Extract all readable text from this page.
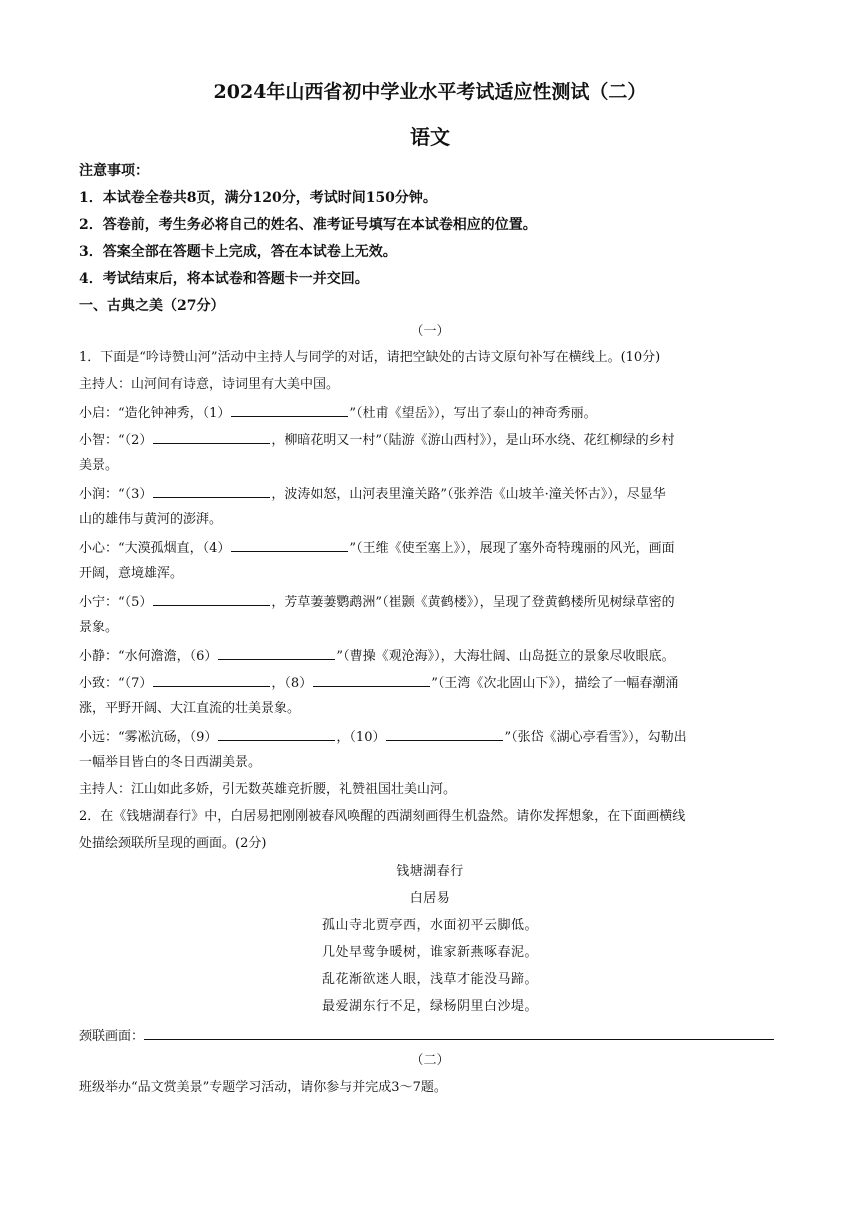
2024年山西省初中学业水平考试适应性测试（二）
语文
注意事项：
1．本试卷全卷共8页，满分120分，考试时间150分钟。
2．答卷前，考生务必将自己的姓名、准考证号填写在本试卷相应的位置。
3．答案全部在答题卡上完成，答在本试卷上无效。
4．考试结束后，将本试卷和答题卡一并交回。
一、古典之美（27分）
（一）
1．下面是“吟诗赞山河”活动中主持人与同学的对话，请把空缺处的古诗文原句补写在横线上。(10分)
主持人：山河间有诗意，诗词里有大美中国。
小启：“造化钟神秀，（1）	”（杜甫《望岳》），写出了泰山的神奇秀丽。
小智：“（2）	，柳暗花明又一村”（陆游《游山西村》），是山环水绕、花红柳绿的乡村
美景。
小润：“（3）	，波涛如怒，山河表里潼关路”（张养浩《山坡羊·潼关怀古》），尽显华
山的雄伟与黄河的澎湃。
小心：“大漠孤烟直，（4）	”（王维《使至塞上》），展现了塞外奇特瑰丽的风光，画面
开阔，意境雄浑。
小宁：“（5）	，芳草萋萋鹦鹉洲”（崔颢《黄鹤楼》），呈现了登黄鹤楼所见树绿草密的
景象。
小静：“水何澹澹，（6）	”（曹操《观沧海》），大海壮阔、山岛挺立的景象尽收眼底。
小致：“（7）	，（8）	”（王湾《次北固山下》），描绘了一幅春潮涌
涨，平野开阔、大江直流的壮美景象。
小远：“雾凇沆砀，（9）	，（10）	”（张岱《湖心亭看雪》），勾勒出
一幅举目皆白的冬日西湖美景。
主持人：江山如此多娇，引无数英雄竞折腰，礼赞祖国壮美山河。
2．在《钱塘湖春行》中，白居易把刚刚被春风唤醒的西湖刻画得生机盎然。请你发挥想象，在下面画横线
处描绘颈联所呈现的画面。(2分)
钱塘湖春行
白居易
孤山寺北贾亭西，水面初平云脚低。
几处早莺争暖树，谁家新燕啄春泥。
乱花渐欲迷人眼，浅草才能没马蹄。
最爱湖东行不足，绿杨阴里白沙堤。
颈联画面：
（二）
班级举办“品文赏美景”专题学习活动，请你参与并完成3～7题。
